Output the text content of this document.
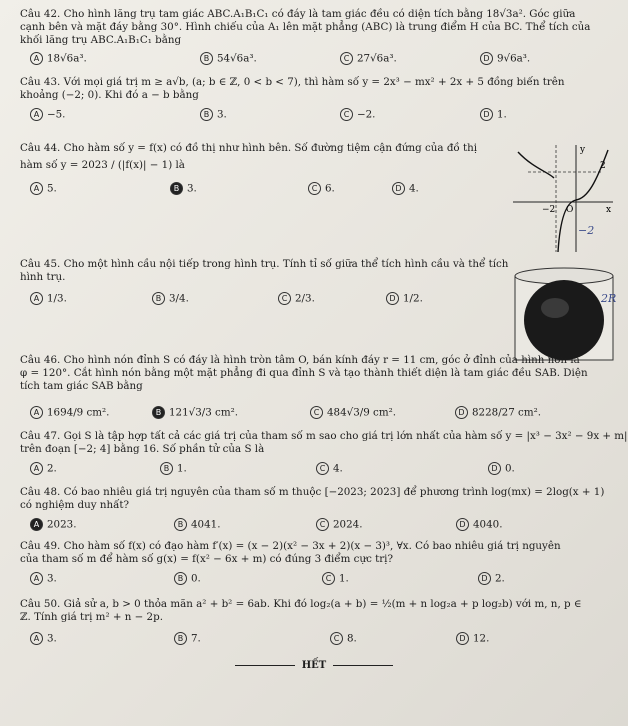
Câu 42. Cho hình lăng trụ tam giác ABC.A₁B₁C₁ có đáy là tam giác đều có diện tích bằng 18√3a². Góc giữa
cạnh bên và mặt đáy bằng 30°. Hình chiếu của A₁ lên mặt phẳng (ABC) là trung điểm H của BC. Thể tích của
khối lăng trụ ABC.A₁B₁C₁ bằng
A 18√6a³.	B 54√6a³.	C 27√6a³.	D 9√6a³.
Câu 43. Với mọi giá trị m ≥ a√b, (a; b ∈ ℤ, 0 < b < 7), thì hàm số y = 2x³ − mx² + 2x + 5 đồng biến trên
khoảng (−2; 0). Khi đó a − b bằng
A −5.	B 3.	C −2.	D 1.
Câu 44. Cho hàm số y = f(x) có đồ thị như hình bên. Số đường tiệm cận đứng của đồ thị
hàm số y = 2023 / (|f(x)| − 1) là
A 5.	B 3.	C 6.	D 4.
y
x
2
−2 O
−2
Câu 45. Cho một hình cầu nội tiếp trong hình trụ. Tính tỉ số giữa thể tích hình cầu và thể tích
hình trụ.
A 1/3.	B 3/4.	C 2/3.	D 1/2.	2R
Câu 46. Cho hình nón đỉnh S có đáy là hình tròn tâm O, bán kính đáy r = 11 cm, góc ở đỉnh của hình nón là
φ = 120°. Cắt hình nón bằng một mặt phẳng đi qua đỉnh S và tạo thành thiết diện là tam giác đều SAB. Diện
tích tam giác SAB bằng
A 1694/9 cm².	B 121√3/3 cm².	C 484√3/9 cm².	D 8228/27 cm².
Câu 47. Gọi S là tập hợp tất cả các giá trị của tham số m sao cho giá trị lớn nhất của hàm số y = |x³ − 3x² − 9x + m|
trên đoạn [−2; 4] bằng 16. Số phần tử của S là
A 2.	B 1.	C 4.	D 0.
Câu 48. Có bao nhiêu giá trị nguyên của tham số m thuộc [−2023; 2023] để phương trình log(mx) = 2log(x + 1)
có nghiệm duy nhất?
A 2023.	B 4041.	C 2024.	D 4040.
Câu 49. Cho hàm số f(x) có đạo hàm f′(x) = (x − 2)(x² − 3x + 2)(x − 3)³, ∀x. Có bao nhiêu giá trị nguyên
của tham số m để hàm số g(x) = f(x² − 6x + m) có đúng 3 điểm cực trị?
A 3.	B 0.	C 1.	D 2.
Câu 50. Giả sử a, b > 0 thỏa mãn a² + b² = 6ab. Khi đó log₂(a + b) = ½(m + n log₂a + p log₂b) với m, n, p ∈
ℤ. Tính giá trị m² + n − 2p.
A 3.	B 7.	C 8.	D 12.
HẾT
